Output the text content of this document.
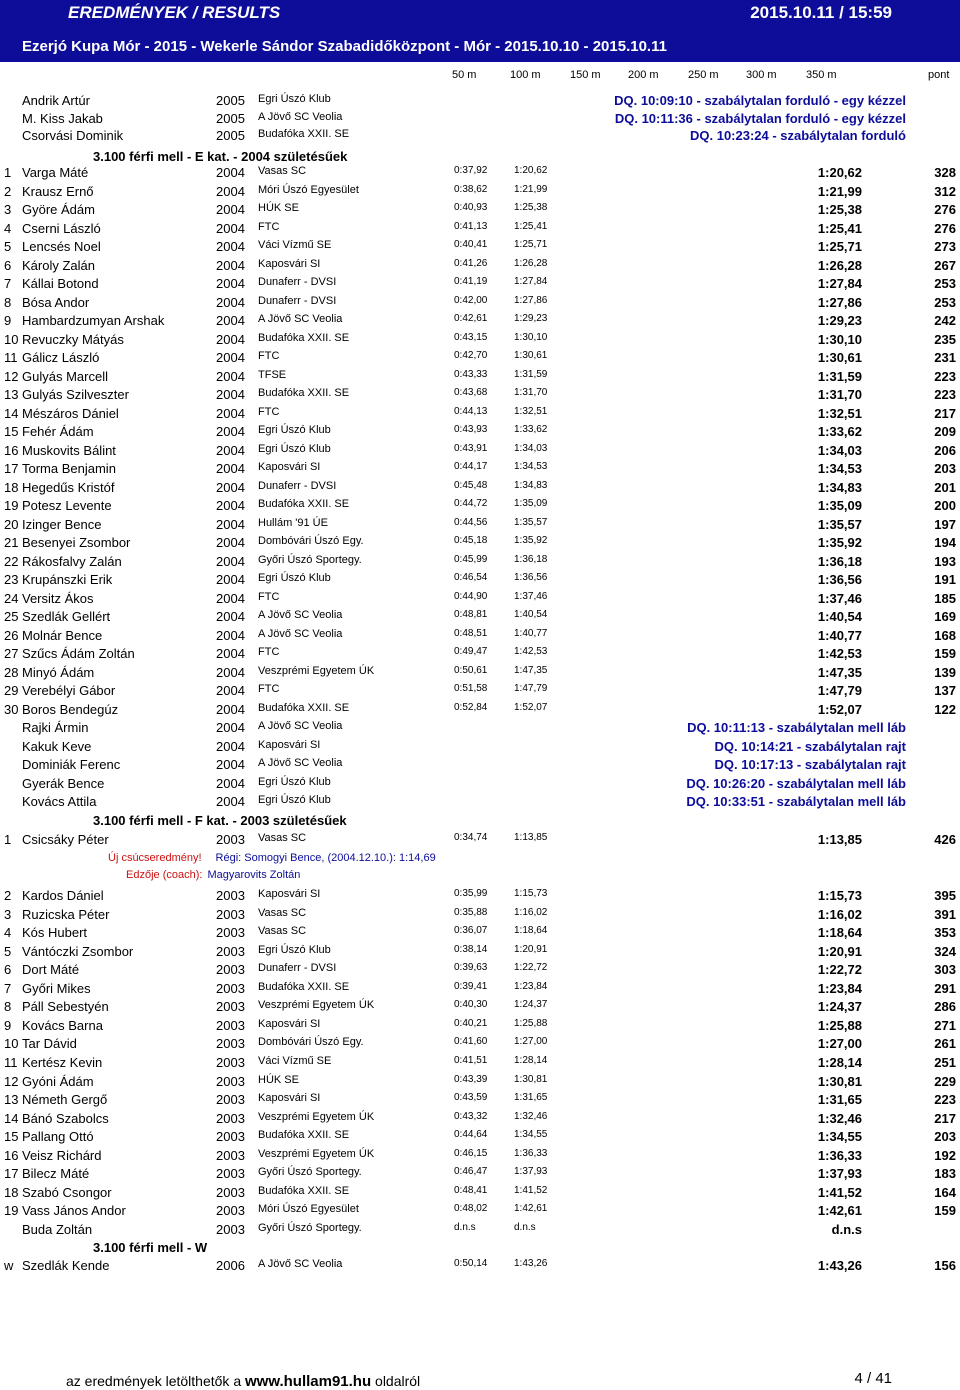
EREDMÉNYEK / RESULTS	2015.10.11 / 15:59
Ezerjó Kupa Mór - 2015 - Wekerle Sándor Szabadidőközpont - Mór - 2015.10.10 - 2015.10.11
50 m	100 m	150 m 200 m	250 m 300 m	350 m	pont
Andrik Artúr	2005 Egri Úszó Klub	DQ. 10:09:10 - szabálytalan forduló - egy kézzel
M. Kiss Jakab	2005 A Jövő SC Veolia	DQ. 10:11:36 - szabálytalan forduló - egy kézzel
Csorvási Dominik	2005 Budafóka XXII. SE	DQ. 10:23:24 - szabálytalan forduló
3.100 férfi mell - E kat. - 2004 születésűek
1 Varga Máté	2004 Vasas SC	0:37,92	1:20,62	1:20,62	328
2 Krausz Ernő	2004 Móri Úszó Egyesület	0:38,62	1:21,99	1:21,99	312
3 Györe Ádám	2004 HÚK SE	0:40,93	1:25,38	1:25,38	276
4 Cserni László	2004 FTC	0:41,13	1:25,41	1:25,41	276
5 Lencsés Noel	2004 Váci Vízmű SE	0:40,41	1:25,71	1:25,71	273
6 Károly Zalán	2004 Kaposvári SI	0:41,26	1:26,28	1:26,28	267
7 Kállai Botond	2004 Dunaferr - DVSI	0:41,19	1:27,84	1:27,84	253
8 Bósa Andor	2004 Dunaferr - DVSI	0:42,00	1:27,86	1:27,86	253
9 Hambardzumyan Arshak	2004 A Jövő SC Veolia	0:42,61	1:29,23	1:29,23	242
10 Revuczky Mátyás	2004 Budafóka XXII. SE	0:43,15	1:30,10	1:30,10	235
11 Gálicz László	2004 FTC	0:42,70	1:30,61	1:30,61	231
12 Gulyás Marcell	2004 TFSE	0:43,33	1:31,59	1:31,59	223
13 Gulyás Szilveszter	2004 Budafóka XXII. SE	0:43,68	1:31,70	1:31,70	223
14 Mészáros Dániel	2004 FTC	0:44,13	1:32,51	1:32,51	217
15 Fehér Ádám	2004 Egri Úszó Klub	0:43,93	1:33,62	1:33,62	209
16 Muskovits Bálint	2004 Egri Úszó Klub	0:43,91	1:34,03	1:34,03	206
17 Torma Benjamin	2004 Kaposvári SI	0:44,17	1:34,53	1:34,53	203
18 Hegedűs Kristóf	2004 Dunaferr - DVSI	0:45,48	1:34,83	1:34,83	201
19 Potesz Levente	2004 Budafóka XXII. SE	0:44,72	1:35,09	1:35,09	200
20 Izinger Bence	2004 Hullám '91 ÚE	0:44,56	1:35,57	1:35,57	197
21 Besenyei Zsombor	2004 Dombóvári Úszó Egy.	0:45,18	1:35,92	1:35,92	194
22 Rákosfalvy Zalán	2004 Győri Úszó Sportegy.	0:45,99	1:36,18	1:36,18	193
23 Krupánszki Erik	2004 Egri Úszó Klub	0:46,54	1:36,56	1:36,56	191
24 Versitz Ákos	2004 FTC	0:44,90	1:37,46	1:37,46	185
25 Szedlák Gellért	2004 A Jövő SC Veolia	0:48,81	1:40,54	1:40,54	169
26 Molnár Bence	2004 A Jövő SC Veolia	0:48,51	1:40,77	1:40,77	168
27 Szűcs Ádám Zoltán	2004 FTC	0:49,47	1:42,53	1:42,53	159
28 Minyó Ádám	2004 Veszprémi Egyetem ÚK	0:50,61	1:47,35	1:47,35	139
29 Verebélyi Gábor	2004 FTC	0:51,58	1:47,79	1:47,79	137
30 Boros Bendegúz	2004 Budafóka XXII. SE	0:52,84	1:52,07	1:52,07	122
Rajki Ármin	2004 A Jövő SC Veolia	DQ. 10:11:13 - szabálytalan mell láb
Kakuk Keve	2004 Kaposvári SI	DQ. 10:14:21 - szabálytalan rajt
Dominiák Ferenc	2004 A Jövő SC Veolia	DQ. 10:17:13 - szabálytalan rajt
Gyerák Bence	2004 Egri Úszó Klub	DQ. 10:26:20 - szabálytalan mell láb
Kovács Attila	2004 Egri Úszó Klub	DQ. 10:33:51 - szabálytalan mell láb
3.100 férfi mell - F kat. - 2003 születésűek
1 Csicsáky Péter	2003 Vasas SC	0:34,74	1:13,85	1:13,85	426
Új csúcseredmény! Régi: Somogyi Bence, (2004.12.10.): 1:14,69
Edzője (coach): Magyarovits Zoltán
2 Kardos Dániel	2003 Kaposvári SI	0:35,99	1:15,73	1:15,73	395
3 Ruzicska Péter	2003 Vasas SC	0:35,88	1:16,02	1:16,02	391
4 Kós Hubert	2003 Vasas SC	0:36,07	1:18,64	1:18,64	353
5 Vántóczki Zsombor	2003 Egri Úszó Klub	0:38,14	1:20,91	1:20,91	324
6 Dort Máté	2003 Dunaferr - DVSI	0:39,63	1:22,72	1:22,72	303
7 Győri Mikes	2003 Budafóka XXII. SE	0:39,41	1:23,84	1:23,84	291
8 Páll Sebestyén	2003 Veszprémi Egyetem ÚK	0:40,30	1:24,37	1:24,37	286
9 Kovács Barna	2003 Kaposvári SI	0:40,21	1:25,88	1:25,88	271
10 Tar Dávid	2003 Dombóvári Úszó Egy.	0:41,60	1:27,00	1:27,00	261
11 Kertész Kevin	2003 Váci Vízmű SE	0:41,51	1:28,14	1:28,14	251
12 Gyóni Ádám	2003 HÚK SE	0:43,39	1:30,81	1:30,81	229
13 Németh Gergő	2003 Kaposvári SI	0:43,59	1:31,65	1:31,65	223
14 Bánó Szabolcs	2003 Veszprémi Egyetem ÚK	0:43,32	1:32,46	1:32,46	217
15 Pallang Ottó	2003 Budafóka XXII. SE	0:44,64	1:34,55	1:34,55	203
16 Veisz Richárd	2003 Veszprémi Egyetem ÚK	0:46,15	1:36,33	1:36,33	192
17 Bilecz Máté	2003 Győri Úszó Sportegy.	0:46,47	1:37,93	1:37,93	183
18 Szabó Csongor	2003 Budafóka XXII. SE	0:48,41	1:41,52	1:41,52	164
19 Vass János Andor	2003 Móri Úszó Egyesület	0:48,02	1:42,61	1:42,61	159
Buda Zoltán	2003 Győri Úszó Sportegy.	d.n.s	d.n.s	d.n.s
3.100 férfi mell - W
w Szedlák Kende	2006 A Jövő SC Veolia	0:50,14	1:43,26	1:43,26	156
az eredmények letölthetők a www.hullam91.hu oldalról	4 / 41
